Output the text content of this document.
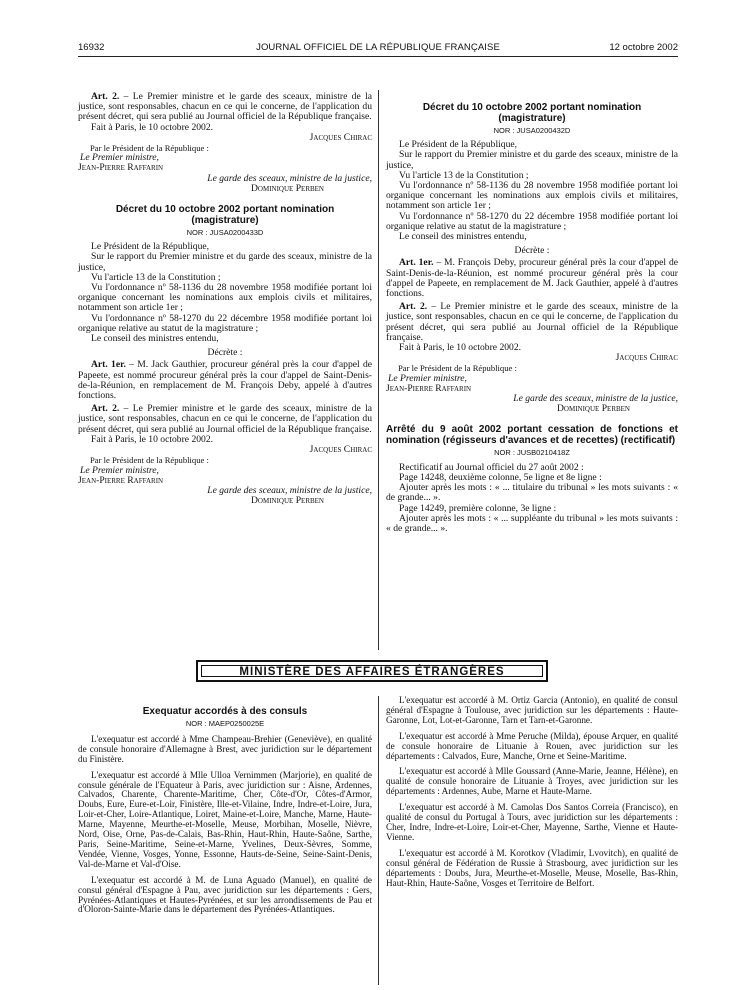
16932	JOURNAL OFFICIEL DE LA RÉPUBLIQUE FRANÇAISE	12 octobre 2002

Art. 2. – Le Premier ministre et le garde des sceaux, ministre de la justice, sont responsables, chacun en ce qui le concerne, de l'application du présent décret, qui sera publié au Journal officiel de la République française.

Fait à Paris, le 10 octobre 2002.

Jacques Chirac

Par le Président de la République :

Le Premier ministre,

Jean-Pierre Raffarin

Le garde des sceaux, ministre de la justice,

Dominique Perben

Décret du 10 octobre 2002 portant nomination (magistrature)

NOR : JUSA0200433D

Le Président de la République,

Sur le rapport du Premier ministre et du garde des sceaux, ministre de la justice,

Vu l'article 13 de la Constitution ;

Vu l'ordonnance nº 58-1136 du 28 novembre 1958 modifiée portant loi organique concernant les nominations aux emplois civils et militaires, notamment son article 1er ;

Vu l'ordonnance nº 58-1270 du 22 décembre 1958 modifiée portant loi organique relative au statut de la magistrature ;

Le conseil des ministres entendu,

Décrète :

Art. 1er. – M. Jack Gauthier, procureur général près la cour d'appel de Papeete, est nommé procureur général près la cour d'appel de Saint-Denis-de-la-Réunion, en remplacement de M. François Deby, appelé à d'autres fonctions.

Art. 2. – Le Premier ministre et le garde des sceaux, ministre de la justice, sont responsables, chacun en ce qui le concerne, de l'application du présent décret, qui sera publié au Journal officiel de la République française.

Fait à Paris, le 10 octobre 2002.

Jacques Chirac

Par le Président de la République :

Le Premier ministre,

Jean-Pierre Raffarin

Le garde des sceaux, ministre de la justice,

Dominique Perben

Décret du 10 octobre 2002 portant nomination (magistrature)

NOR : JUSA0200432D

Le Président de la République,

Sur le rapport du Premier ministre et du garde des sceaux, ministre de la justice,

Vu l'article 13 de la Constitution ;

Vu l'ordonnance nº 58-1136 du 28 novembre 1958 modifiée portant loi organique concernant les nominations aux emplois civils et militaires, notamment son article 1er ;

Vu l'ordonnance nº 58-1270 du 22 décembre 1958 modifiée portant loi organique relative au statut de la magistrature ;

Le conseil des ministres entendu,

Décrète :

Art. 1er. – M. François Deby, procureur général près la cour d'appel de Saint-Denis-de-la-Réunion, est nommé procureur général près la cour d'appel de Papeete, en remplacement de M. Jack Gauthier, appelé à d'autres fonctions.

Art. 2. – Le Premier ministre et le garde des sceaux, ministre de la justice, sont responsables, chacun en ce qui le concerne, de l'application du présent décret, qui sera publié au Journal officiel de la République française.

Fait à Paris, le 10 octobre 2002.

Jacques Chirac

Par le Président de la République :

Le Premier ministre,

Jean-Pierre Raffarin

Le garde des sceaux, ministre de la justice,

Dominique Perben

Arrêté du 9 août 2002 portant cessation de fonctions et nomination (régisseurs d'avances et de recettes) (rectificatif)

NOR : JUSB0210418Z

Rectificatif au Journal officiel du 27 août 2002 :

Page 14248, deuxième colonne, 5e ligne et 8e ligne :

Ajouter après les mots : « ... titulaire du tribunal » les mots suivants : « de grande... ».

Page 14249, première colonne, 3e ligne :

Ajouter après les mots : « ... suppléante du tribunal » les mots suivants : « de grande... ».

MINISTÈRE DES AFFAIRES ÉTRANGÈRES

Exequatur accordés à des consuls

NOR : MAEP0250025E

L'exequatur est accordé à Mme Champeau-Brehier (Geneviève), en qualité de consule honoraire d'Allemagne à Brest, avec juridiction sur le département du Finistère.

L'exequatur est accordé à Mlle Ulloa Vernimmen (Marjorie), en qualité de consule générale de l'Equateur à Paris, avec juridiction sur : Aisne, Ardennes, Calvados, Charente, Charente-Maritime, Cher, Côte-d'Or, Côtes-d'Armor, Doubs, Eure, Eure-et-Loir, Finistère, Ille-et-Vilaine, Indre, Indre-et-Loire, Jura, Loir-et-Cher, Loire-Atlantique, Loiret, Maine-et-Loire, Manche, Marne, Haute-Marne, Mayenne, Meurthe-et-Moselle, Meuse, Morbihan, Moselle, Nièvre, Nord, Oise, Orne, Pas-de-Calais, Bas-Rhin, Haut-Rhin, Haute-Saône, Sarthe, Paris, Seine-Maritime, Seine-et-Marne, Yvelines, Deux-Sèvres, Somme, Vendée, Vienne, Vosges, Yonne, Essonne, Hauts-de-Seine, Seine-Saint-Denis, Val-de-Marne et Val-d'Oise.

L'exequatur est accordé à M. de Luna Aguado (Manuel), en qualité de consul général d'Espagne à Pau, avec juridiction sur les départements : Gers, Pyrénées-Atlantiques et Hautes-Pyrénées, et sur les arrondissements de Pau et d'Oloron-Sainte-Marie dans le département des Pyrénées-Atlantiques.

L'exequatur est accordé à M. Ortiz Garcia (Antonio), en qualité de consul général d'Espagne à Toulouse, avec juridiction sur les départements : Haute-Garonne, Lot, Lot-et-Garonne, Tarn et Tarn-et-Garonne.

L'exequatur est accordé à Mme Peruche (Milda), épouse Arquer, en qualité de consule honoraire de Lituanie à Rouen, avec juridiction sur les départements : Calvados, Eure, Manche, Orne et Seine-Maritime.

L'exequatur est accordé à Mlle Goussard (Anne-Marie, Jeanne, Hélène), en qualité de consule honoraire de Lituanie à Troyes, avec juridiction sur les départements : Ardennes, Aube, Marne et Haute-Marne.

L'exequatur est accordé à M. Camolas Dos Santos Correia (Francisco), en qualité de consul du Portugal à Tours, avec juridiction sur les départements : Cher, Indre, Indre-et-Loire, Loir-et-Cher, Mayenne, Sarthe, Vienne et Haute-Vienne.

L'exequatur est accordé à M. Korotkov (Vladimir, Lvovitch), en qualité de consul général de Fédération de Russie à Strasbourg, avec juridiction sur les départements : Doubs, Jura, Meurthe-et-Moselle, Meuse, Moselle, Bas-Rhin, Haut-Rhin, Haute-Saône, Vosges et Territoire de Belfort.
